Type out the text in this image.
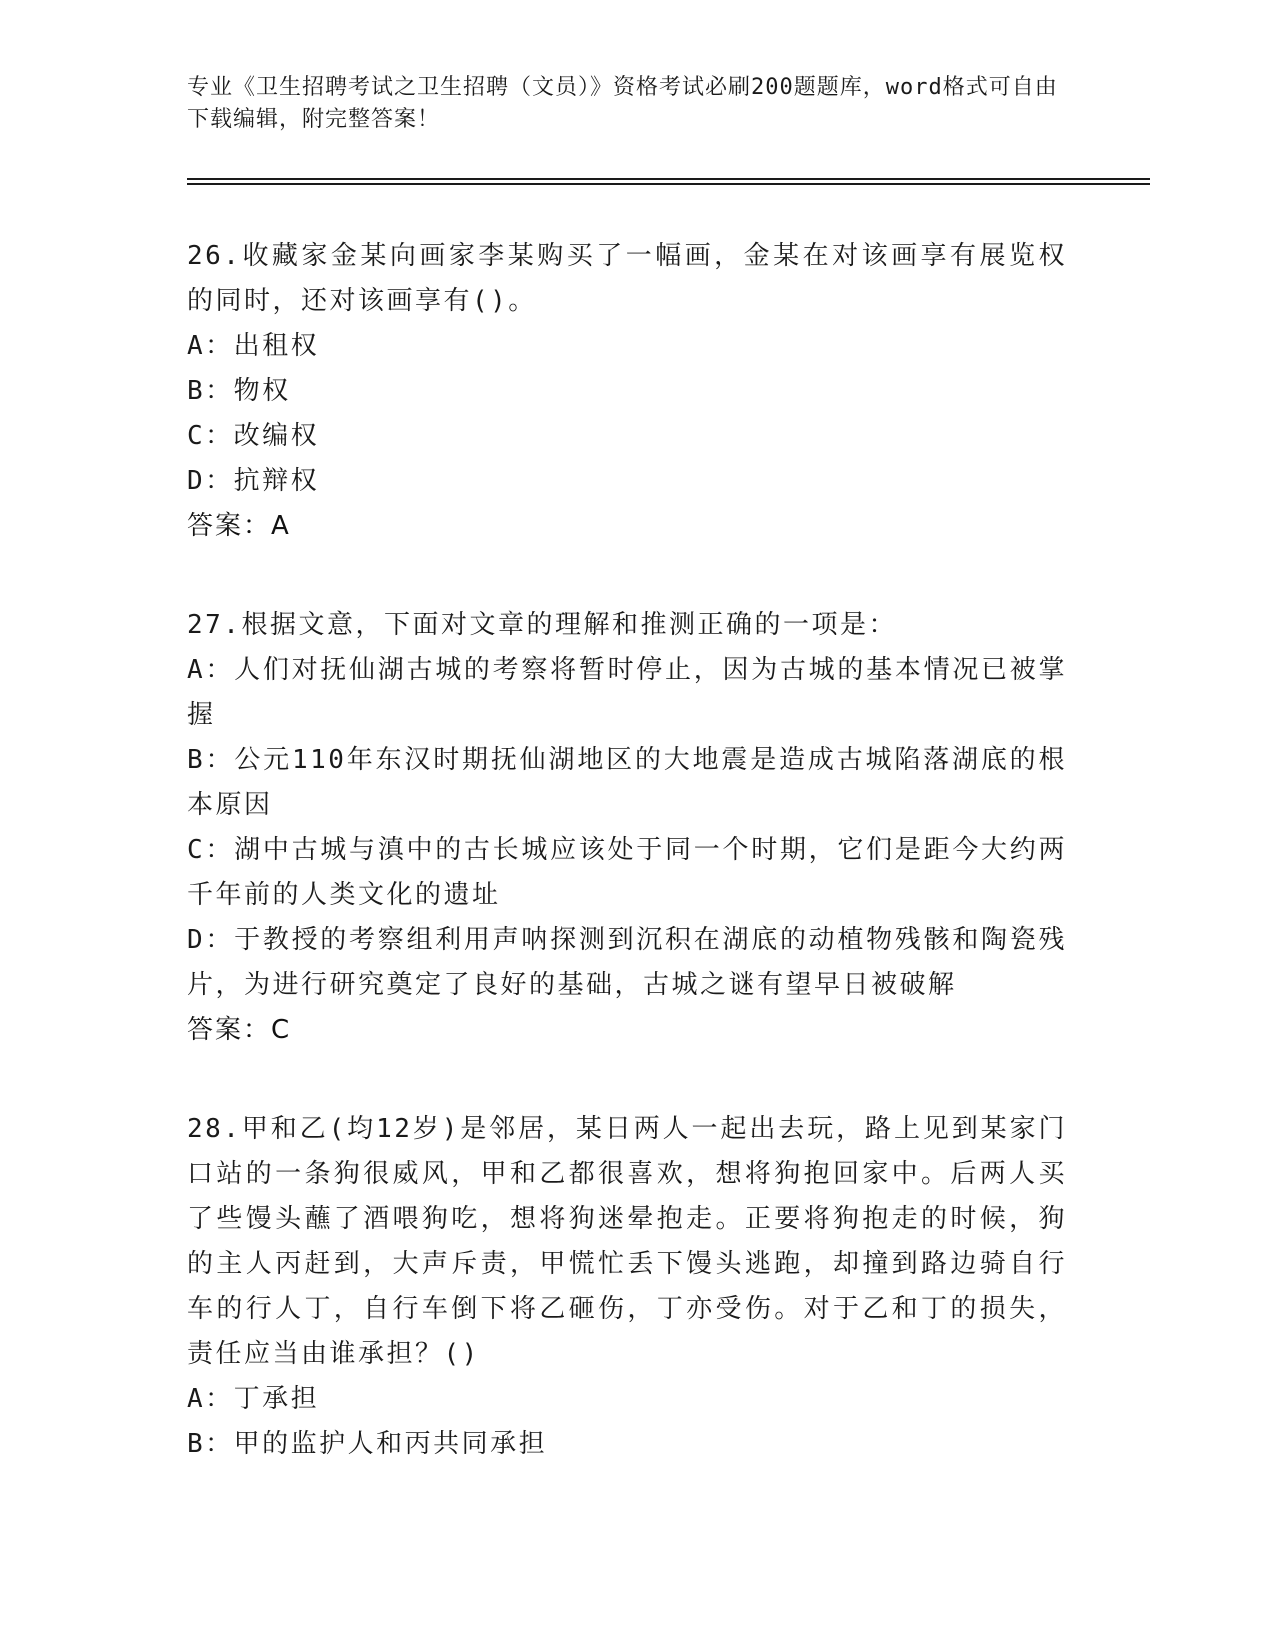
专业《卫生招聘考试之卫生招聘（文员）》资格考试必刷200题题库，word格式可自由下载编辑，附完整答案！

26.收藏家金某向画家李某购买了一幅画，金某在对该画享有展览权的同时，还对该画享有()。

A：出租权

B：物权

C：改编权

D：抗辩权

答案：A

27.根据文意，下面对文章的理解和推测正确的一项是：

A：人们对抚仙湖古城的考察将暂时停止，因为古城的基本情况已被掌握

B：公元110年东汉时期抚仙湖地区的大地震是造成古城陷落湖底的根本原因

C：湖中古城与滇中的古长城应该处于同一个时期，它们是距今大约两千年前的人类文化的遗址

D：于教授的考察组利用声呐探测到沉积在湖底的动植物残骸和陶瓷残片，为进行研究奠定了良好的基础，古城之谜有望早日被破解

答案：C

28.甲和乙(均12岁)是邻居，某日两人一起出去玩，路上见到某家门口站的一条狗很威风，甲和乙都很喜欢，想将狗抱回家中。后两人买了些馒头蘸了酒喂狗吃，想将狗迷晕抱走。正要将狗抱走的时候，狗的主人丙赶到，大声斥责，甲慌忙丢下馒头逃跑，却撞到路边骑自行车的行人丁，自行车倒下将乙砸伤，丁亦受伤。对于乙和丁的损失，责任应当由谁承担？()

A：丁承担

B：甲的监护人和丙共同承担
